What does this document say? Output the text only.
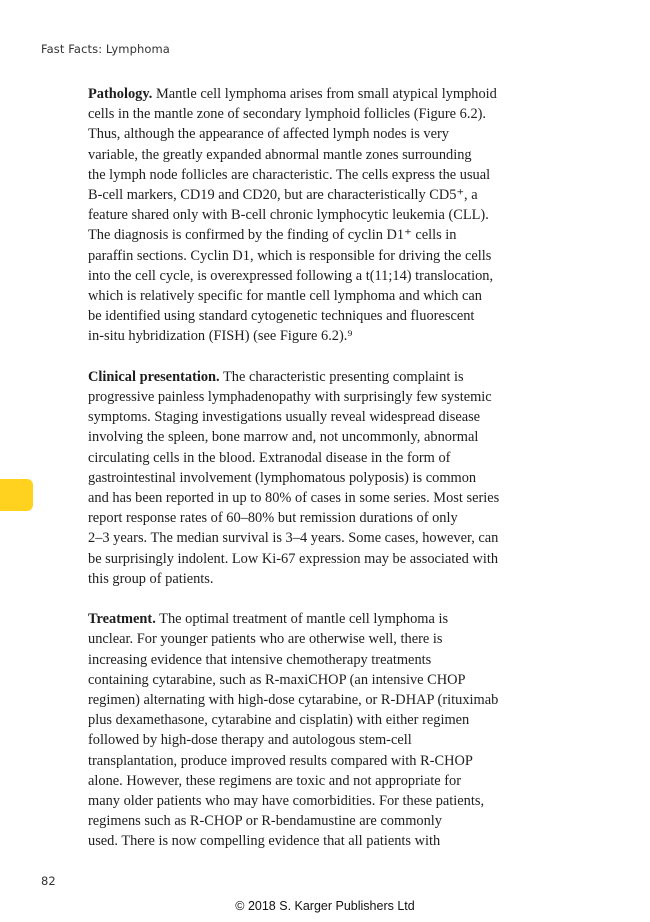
Fast Facts: Lymphoma

Pathology. Mantle cell lymphoma arises from small atypical lymphoid
cells in the mantle zone of secondary lymphoid follicles (Figure 6.2).
Thus, although the appearance of affected lymph nodes is very
variable, the greatly expanded abnormal mantle zones surrounding
the lymph node follicles are characteristic. The cells express the usual
B-cell markers, CD19 and CD20, but are characteristically CD5⁺, a
feature shared only with B-cell chronic lymphocytic leukemia (CLL).
The diagnosis is confirmed by the finding of cyclin D1⁺ cells in
paraffin sections. Cyclin D1, which is responsible for driving the cells
into the cell cycle, is overexpressed following a t(11;14) translocation,
which is relatively specific for mantle cell lymphoma and which can
be identified using standard cytogenetic techniques and fluorescent
in-situ hybridization (FISH) (see Figure 6.2).⁹

Clinical presentation. The characteristic presenting complaint is
progressive painless lymphadenopathy with surprisingly few systemic
symptoms. Staging investigations usually reveal widespread disease
involving the spleen, bone marrow and, not uncommonly, abnormal
circulating cells in the blood. Extranodal disease in the form of
gastrointestinal involvement (lymphomatous polyposis) is common
and has been reported in up to 80% of cases in some series. Most series
report response rates of 60–80% but remission durations of only
2–3 years. The median survival is 3–4 years. Some cases, however, can
be surprisingly indolent. Low Ki-67 expression may be associated with
this group of patients.

Treatment. The optimal treatment of mantle cell lymphoma is
unclear. For younger patients who are otherwise well, there is
increasing evidence that intensive chemotherapy treatments
containing cytarabine, such as R-maxiCHOP (an intensive CHOP
regimen) alternating with high-dose cytarabine, or R-DHAP (rituximab
plus dexamethasone, cytarabine and cisplatin) with either regimen
followed by high-dose therapy and autologous stem-cell
transplantation, produce improved results compared with R-CHOP
alone. However, these regimens are toxic and not appropriate for
many older patients who may have comorbidities. For these patients,
regimens such as R-CHOP or R-bendamustine are commonly
used. There is now compelling evidence that all patients with

82
© 2018 S. Karger Publishers Ltd
